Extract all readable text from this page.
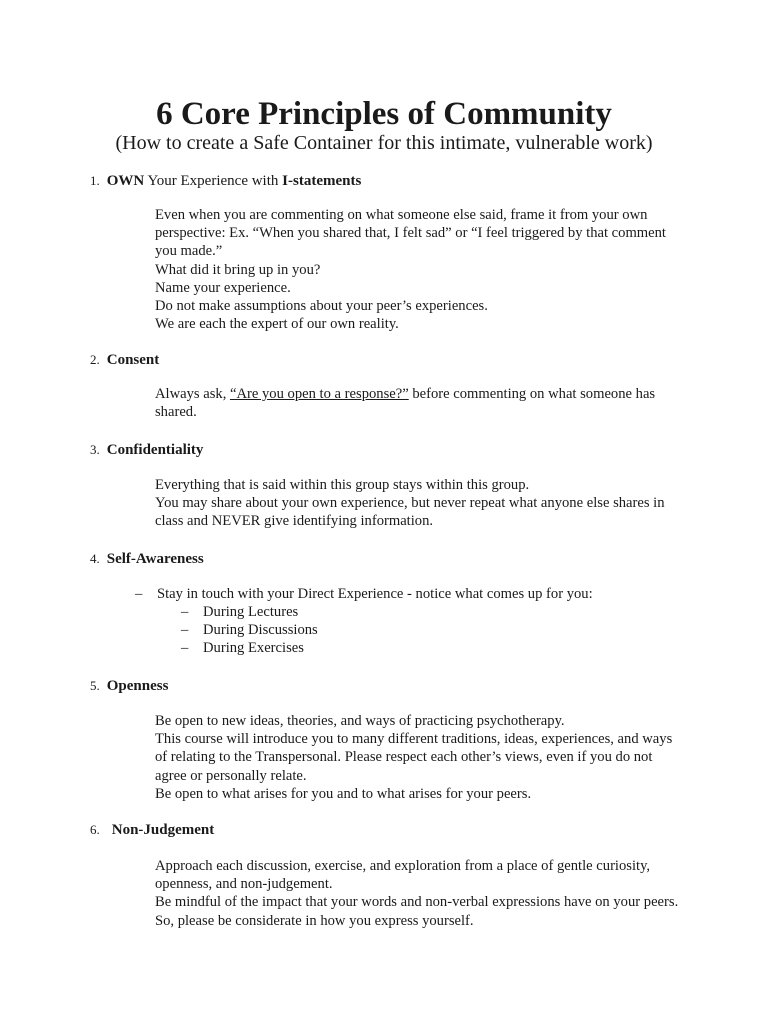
6 Core Principles of Community
(How to create a Safe Container for this intimate, vulnerable work)
1. OWN Your Experience with I-statements

Even when you are commenting on what someone else said, frame it from your own perspective: Ex. “When you shared that, I felt sad” or “I feel triggered by that comment you made.”

What did it bring up in you?

Name your experience.

Do not make assumptions about your peer’s experiences.

We are each the expert of our own reality.

2. Consent

Always ask, “Are you open to a response?” before commenting on what someone has shared.

3. Confidentiality

Everything that is said within this group stays within this group.

You may share about your own experience, but never repeat what anyone else shares in class and NEVER give identifying information.

4. Self-Awareness
– Stay in touch with your Direct Experience - notice what comes up for you:
– During Lectures
– During Discussions
– During Exercises
5. Openness

Be open to new ideas, theories, and ways of practicing psychotherapy.

This course will introduce you to many different traditions, ideas, experiences, and ways of relating to the Transpersonal. Please respect each other’s views, even if you do not agree or personally relate.

Be open to what arises for you and to what arises for your peers.

6. Non-Judgement

Approach each discussion, exercise, and exploration from a place of gentle curiosity, openness, and non-judgement.

Be mindful of the impact that your words and non-verbal expressions have on your peers. So, please be considerate in how you express yourself.
